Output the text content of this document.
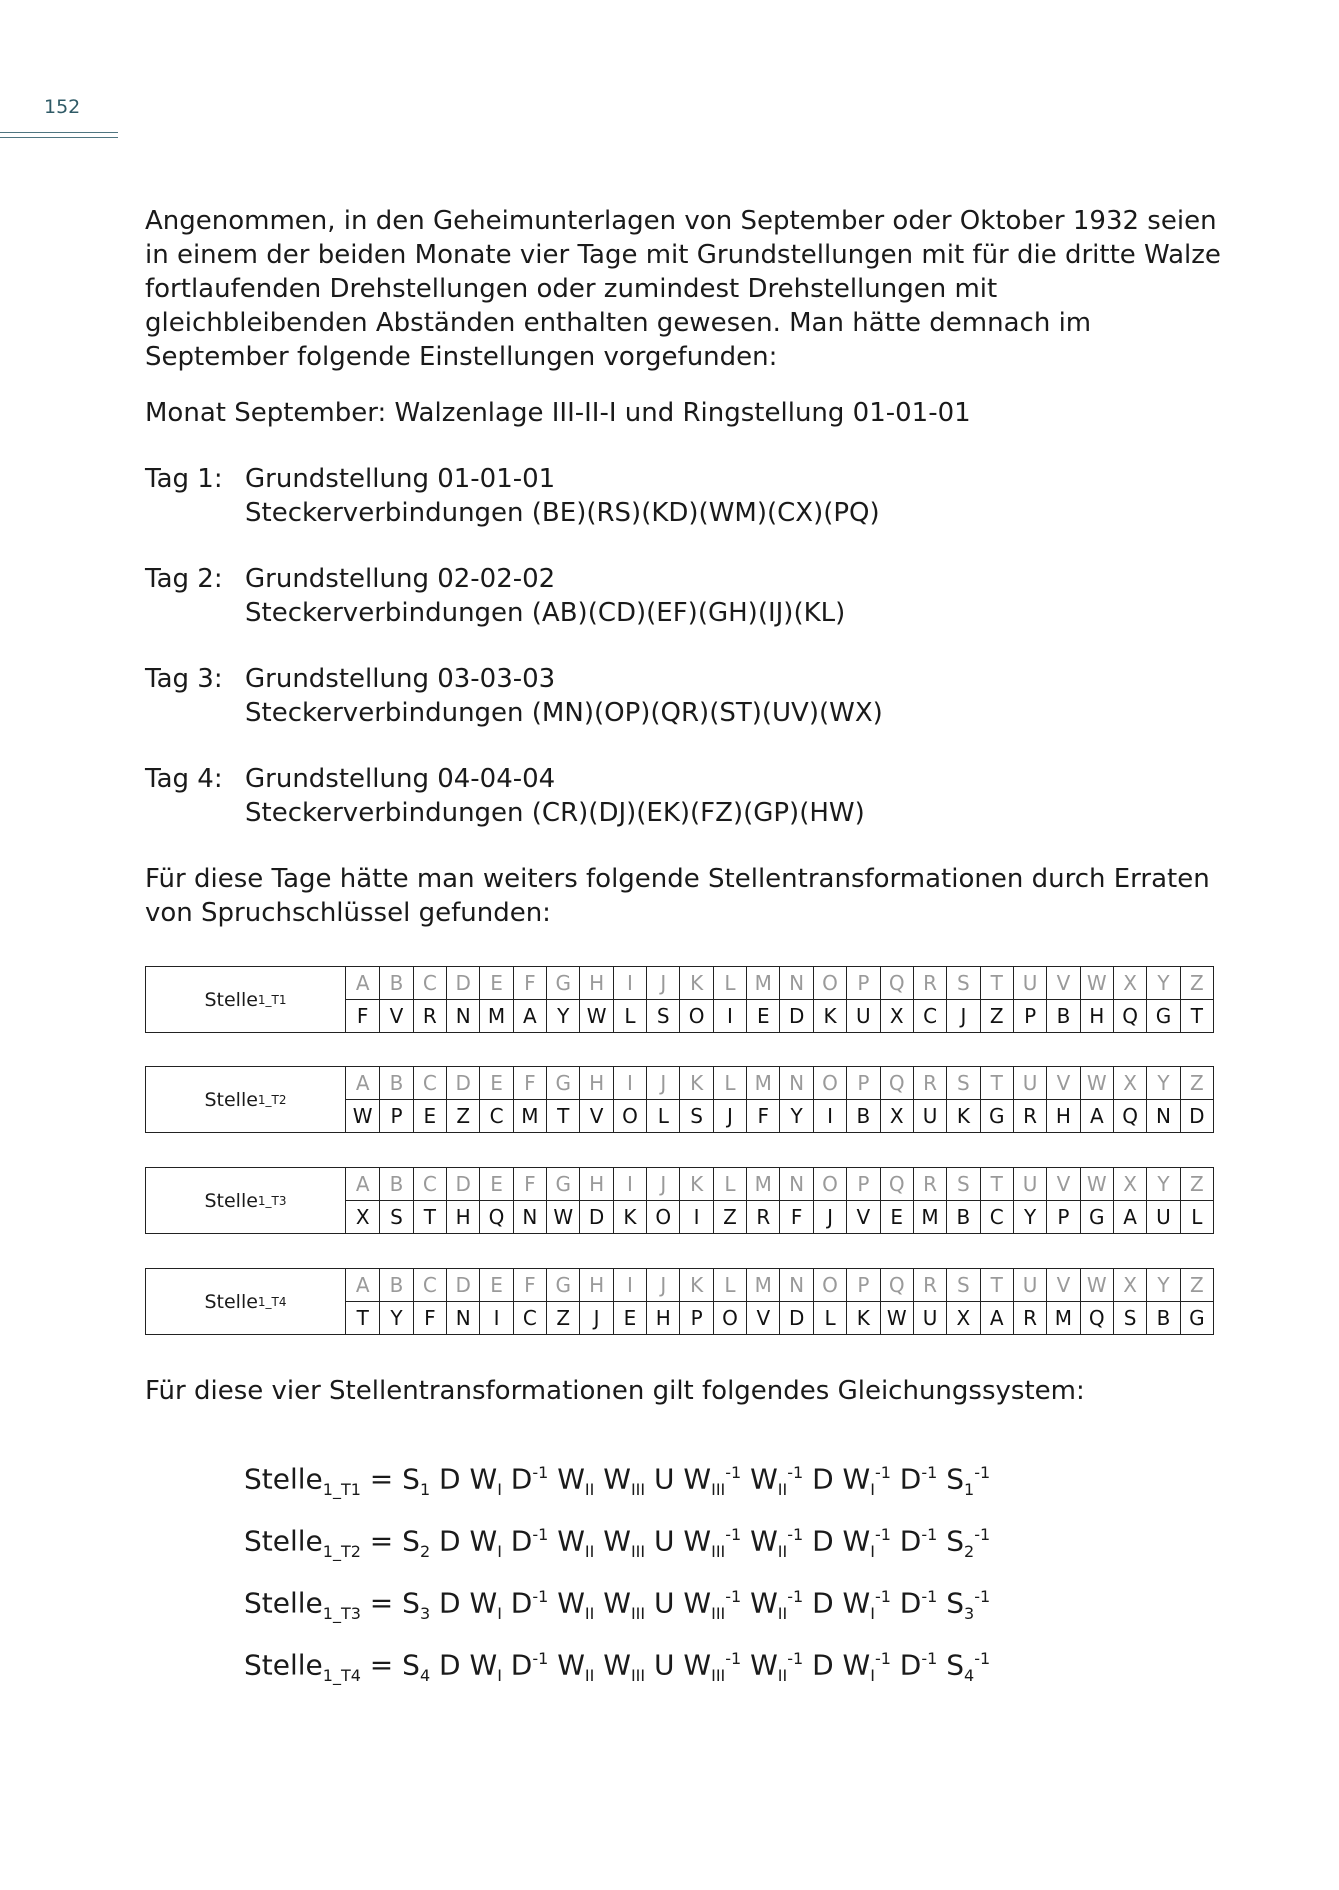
152

Angenommen, in den Geheimunterlagen von September oder Oktober 1932 seien in einem der beiden Monate vier Tage mit Grundstellungen mit für die dritte Walze fortlaufenden Drehstellungen oder zumindest Drehstellungen mit gleichbleibenden Abständen enthalten gewesen. Man hätte demnach im September folgende Einstellungen vorgefunden:

Monat September: Walzenlage III-II-I und Ringstellung 01-01-01

Tag 1: Grundstellung 01-01-01
Steckerverbindungen (BE)(RS)(KD)(WM)(CX)(PQ)
Tag 2: Grundstellung 02-02-02
Steckerverbindungen (AB)(CD)(EF)(GH)(IJ)(KL)
Tag 3: Grundstellung 03-03-03
Steckerverbindungen (MN)(OP)(QR)(ST)(UV)(WX)
Tag 4: Grundstellung 04-04-04
Steckerverbindungen (CR)(DJ)(EK)(FZ)(GP)(HW)

Für diese Tage hätte man weiters folgende Stellentransformationen durch Erraten von Spruchschlüssel gefunden:

Stelle 1_T1
A	B C D E	F G H	I	J	K	L M N O P Q R	S	T U V W X	Y	Z
F	V R N M A	Y W L	S O	I	E D K U X C	J	Z	P	B H Q G T
Stelle 1_T2
A	B C D E	F G H	I	J	K	L M N O P Q R	S	T U V W X	Y	Z
W P	E	Z C M T	V O L	S	J	F	Y	I	B X U K G R H A Q N D
Stelle 1_T3
A	B C D E	F G H	I	J	K	L M N O P Q R	S	T U V W X	Y	Z
X	S	T H Q N W D K O	I	Z R	F	J	V	E M B C	Y	P G A U	L
Stelle 1_T4
A	B C D E	F G H	I	J	K	L M N O P Q R	S	T U V W X	Y	Z
T	Y	F	N	I	C Z	J	E H P O V D	L	K W U X A R M Q S	B G
Für diese vier Stellentransformationen gilt folgendes Gleichungssystem:
Stelle$_{1\_T1}$ = $S_1$ D $W_I$ $D^{-1}$ $W_{II}$ $W_{III}$ U $W_{III}^{-1}$ $W_{II}^{-1}$ D $W_I^{-1}$ $D^{-1}$ $S_1^{-1}$
Stelle$_{1\_T2}$ = $S_2$ D $W_I$ $D^{-1}$ $W_{II}$ $W_{III}$ U $W_{III}^{-1}$ $W_{II}^{-1}$ D $W_I^{-1}$ $D^{-1}$ $S_2^{-1}$
Stelle$_{1\_T3}$ = $S_3$ D $W_I$ $D^{-1}$ $W_{II}$ $W_{III}$ U $W_{III}^{-1}$ $W_{II}^{-1}$ D $W_I^{-1}$ $D^{-1}$ $S_3^{-1}$
Stelle$_{1\_T4}$ = $S_4$ D $W_I$ $D^{-1}$ $W_{II}$ $W_{III}$ U $W_{III}^{-1}$ $W_{II}^{-1}$ D $W_I^{-1}$ $D^{-1}$ $S_4^{-1}$
